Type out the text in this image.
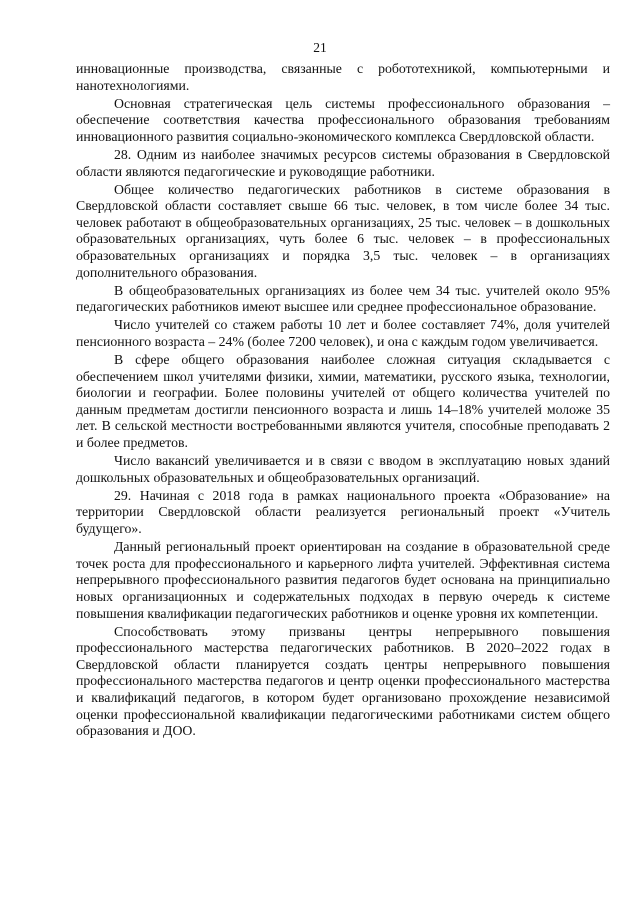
21

инновационные производства, связанные с робототехникой, компьютерными и нанотехнологиями.

Основная стратегическая цель системы профессионального образования – обеспечение соответствия качества профессионального образования требованиям инновационного развития социально-экономического комплекса Свердловской области.

28. Одним из наиболее значимых ресурсов системы образования в Свердловской области являются педагогические и руководящие работники.

Общее количество педагогических работников в системе образования в Свердловской области составляет свыше 66 тыс. человек, в том числе более 34 тыс. человек работают в общеобразовательных организациях, 25 тыс. человек – в дошкольных образовательных организациях, чуть более 6 тыс. человек – в профессиональных образовательных организациях и порядка 3,5 тыс. человек – в организациях дополнительного образования.

В общеобразовательных организациях из более чем 34 тыс. учителей около 95% педагогических работников имеют высшее или среднее профессиональное образование.

Число учителей со стажем работы 10 лет и более составляет 74%, доля учителей пенсионного возраста – 24% (более 7200 человек), и она с каждым годом увеличивается.

В сфере общего образования наиболее сложная ситуация складывается с обеспечением школ учителями физики, химии, математики, русского языка, технологии, биологии и географии. Более половины учителей от общего количества учителей по данным предметам достигли пенсионного возраста и лишь 14–18% учителей моложе 35 лет. В сельской местности востребованными являются учителя, способные преподавать 2 и более предметов.

Число вакансий увеличивается и в связи с вводом в эксплуатацию новых зданий дошкольных образовательных и общеобразовательных организаций.

29. Начиная с 2018 года в рамках национального проекта «Образование» на территории Свердловской области реализуется региональный проект «Учитель будущего».

Данный региональный проект ориентирован на создание в образовательной среде точек роста для профессионального и карьерного лифта учителей. Эффективная система непрерывного профессионального развития педагогов будет основана на принципиально новых организационных и содержательных подходах в первую очередь к системе повышения квалификации педагогических работников и оценке уровня их компетенции.

Способствовать этому призваны центры непрерывного повышения профессионального мастерства педагогических работников. В 2020–2022 годах в Свердловской области планируется создать центры непрерывного повышения профессионального мастерства педагогов и центр оценки профессионального мастерства и квалификаций педагогов, в котором будет организовано прохождение независимой оценки профессиональной квалификации педагогическими работниками систем общего образования и ДОО.
